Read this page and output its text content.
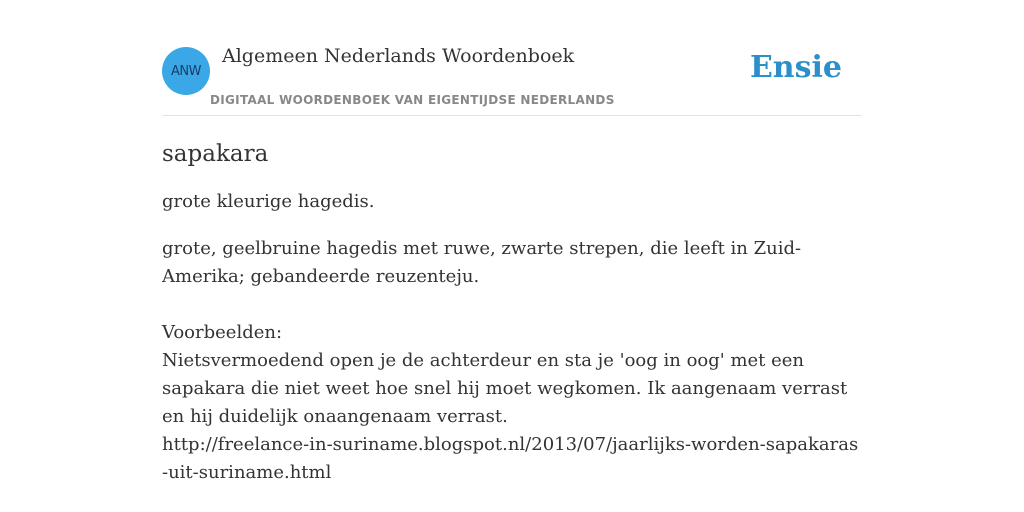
ANW
Algemeen Nederlands Woordenboek
DIGITAAL WOORDENBOEK VAN EIGENTIJDSE NEDERLANDS
Ensie
sapakara

grote kleurige hagedis.

grote, geelbruine hagedis met ruwe, zwarte strepen, die leeft in Zuid-Amerika; gebandeerde reuzenteju.

Voorbeelden:

Nietsvermoedend open je de achterdeur en sta je 'oog in oog' met een sapakara die niet weet hoe snel hij moet wegkomen. Ik aangenaam verrast en hij duidelijk onaangenaam verrast.

http://freelance-in-suriname.blogspot.nl/2013/07/jaarlijks-worden-sapakaras-uit-suriname.html
